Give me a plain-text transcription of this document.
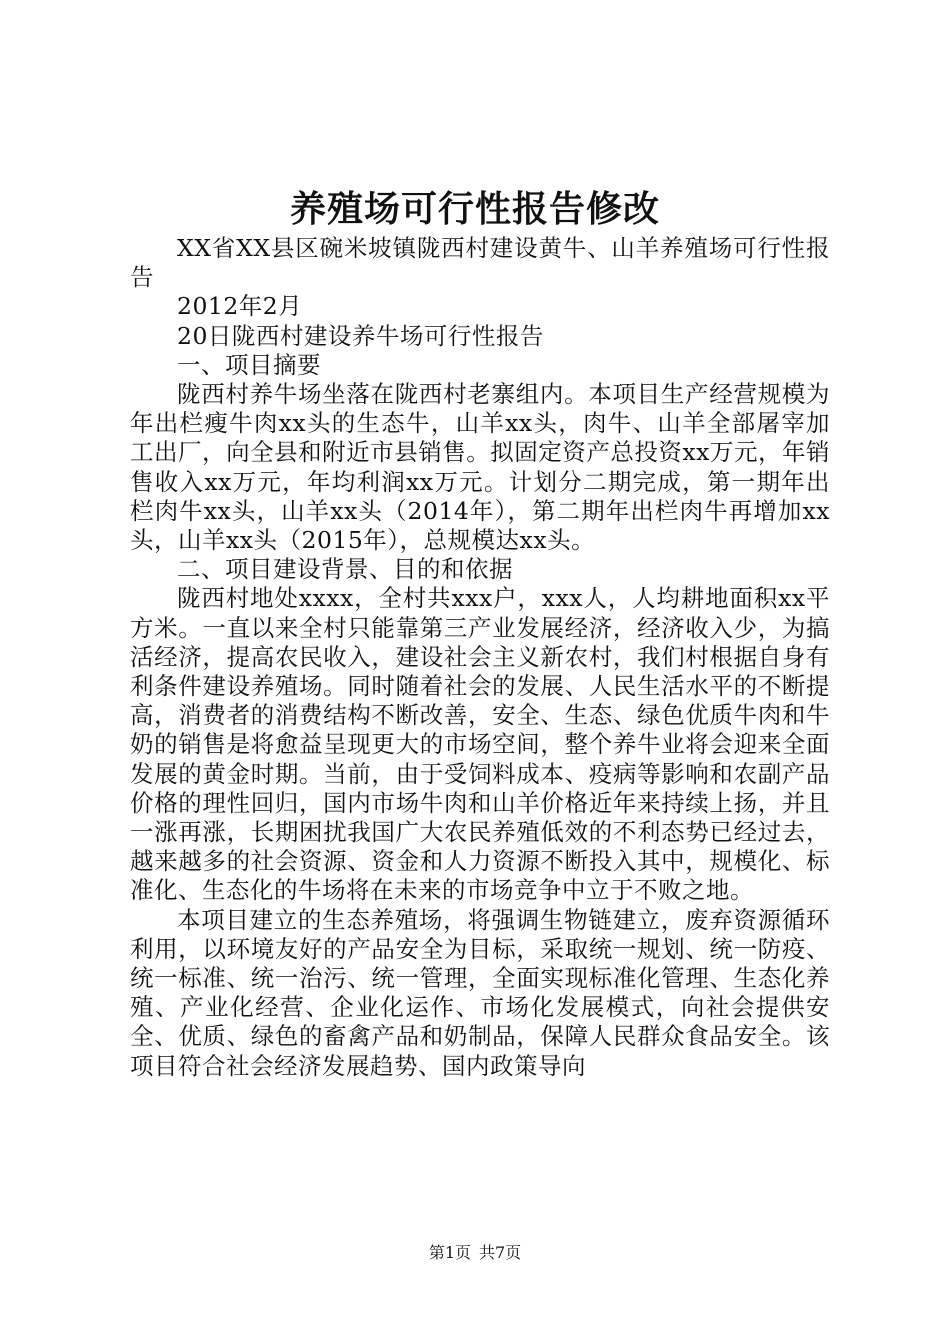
养殖场可行性报告修改

XX省XX县区碗米坡镇陇西村建设黄牛、山羊养殖场可行性报告

2012年2月

20日陇西村建设养牛场可行性报告

一、项目摘要

陇西村养牛场坐落在陇西村老寨组内。本项目生产经营规模为年出栏瘦牛肉xx头的生态牛，山羊xx头，肉牛、山羊全部屠宰加工出厂，向全县和附近市县销售。拟固定资产总投资xx万元，年销售收入xx万元，年均利润xx万元。计划分二期完成，第一期年出栏肉牛xx头，山羊xx头（2014年），第二期年出栏肉牛再增加xx头，山羊xx头（2015年），总规模达xx头。

二、项目建设背景、目的和依据

陇西村地处xxxx，全村共xxx户，xxx人，人均耕地面积xx平方米。一直以来全村只能靠第三产业发展经济，经济收入少，为搞活经济，提高农民收入，建设社会主义新农村，我们村根据自身有利条件建设养殖场。同时随着社会的发展、人民生活水平的不断提高，消费者的消费结构不断改善，安全、生态、绿色优质牛肉和牛奶的销售是将愈益呈现更大的市场空间，整个养牛业将会迎来全面发展的黄金时期。当前，由于受饲料成本、疫病等影响和农副产品价格的理性回归，国内市场牛肉和山羊价格近年来持续上扬，并且一涨再涨，长期困扰我国广大农民养殖低效的不利态势已经过去，越来越多的社会资源、资金和人力资源不断投入其中，规模化、标准化、生态化的牛场将在未来的市场竞争中立于不败之地。

本项目建立的生态养殖场，将强调生物链建立，废弃资源循环利用，以环境友好的产品安全为目标，采取统一规划、统一防疫、统一标准、统一治污、统一管理，全面实现标准化管理、生态化养殖、产业化经营、企业化运作、市场化发展模式，向社会提供安全、优质、绿色的畜禽产品和奶制品，保障人民群众食品安全。该项目符合社会经济发展趋势、国内政策导向

第1页 共7页
